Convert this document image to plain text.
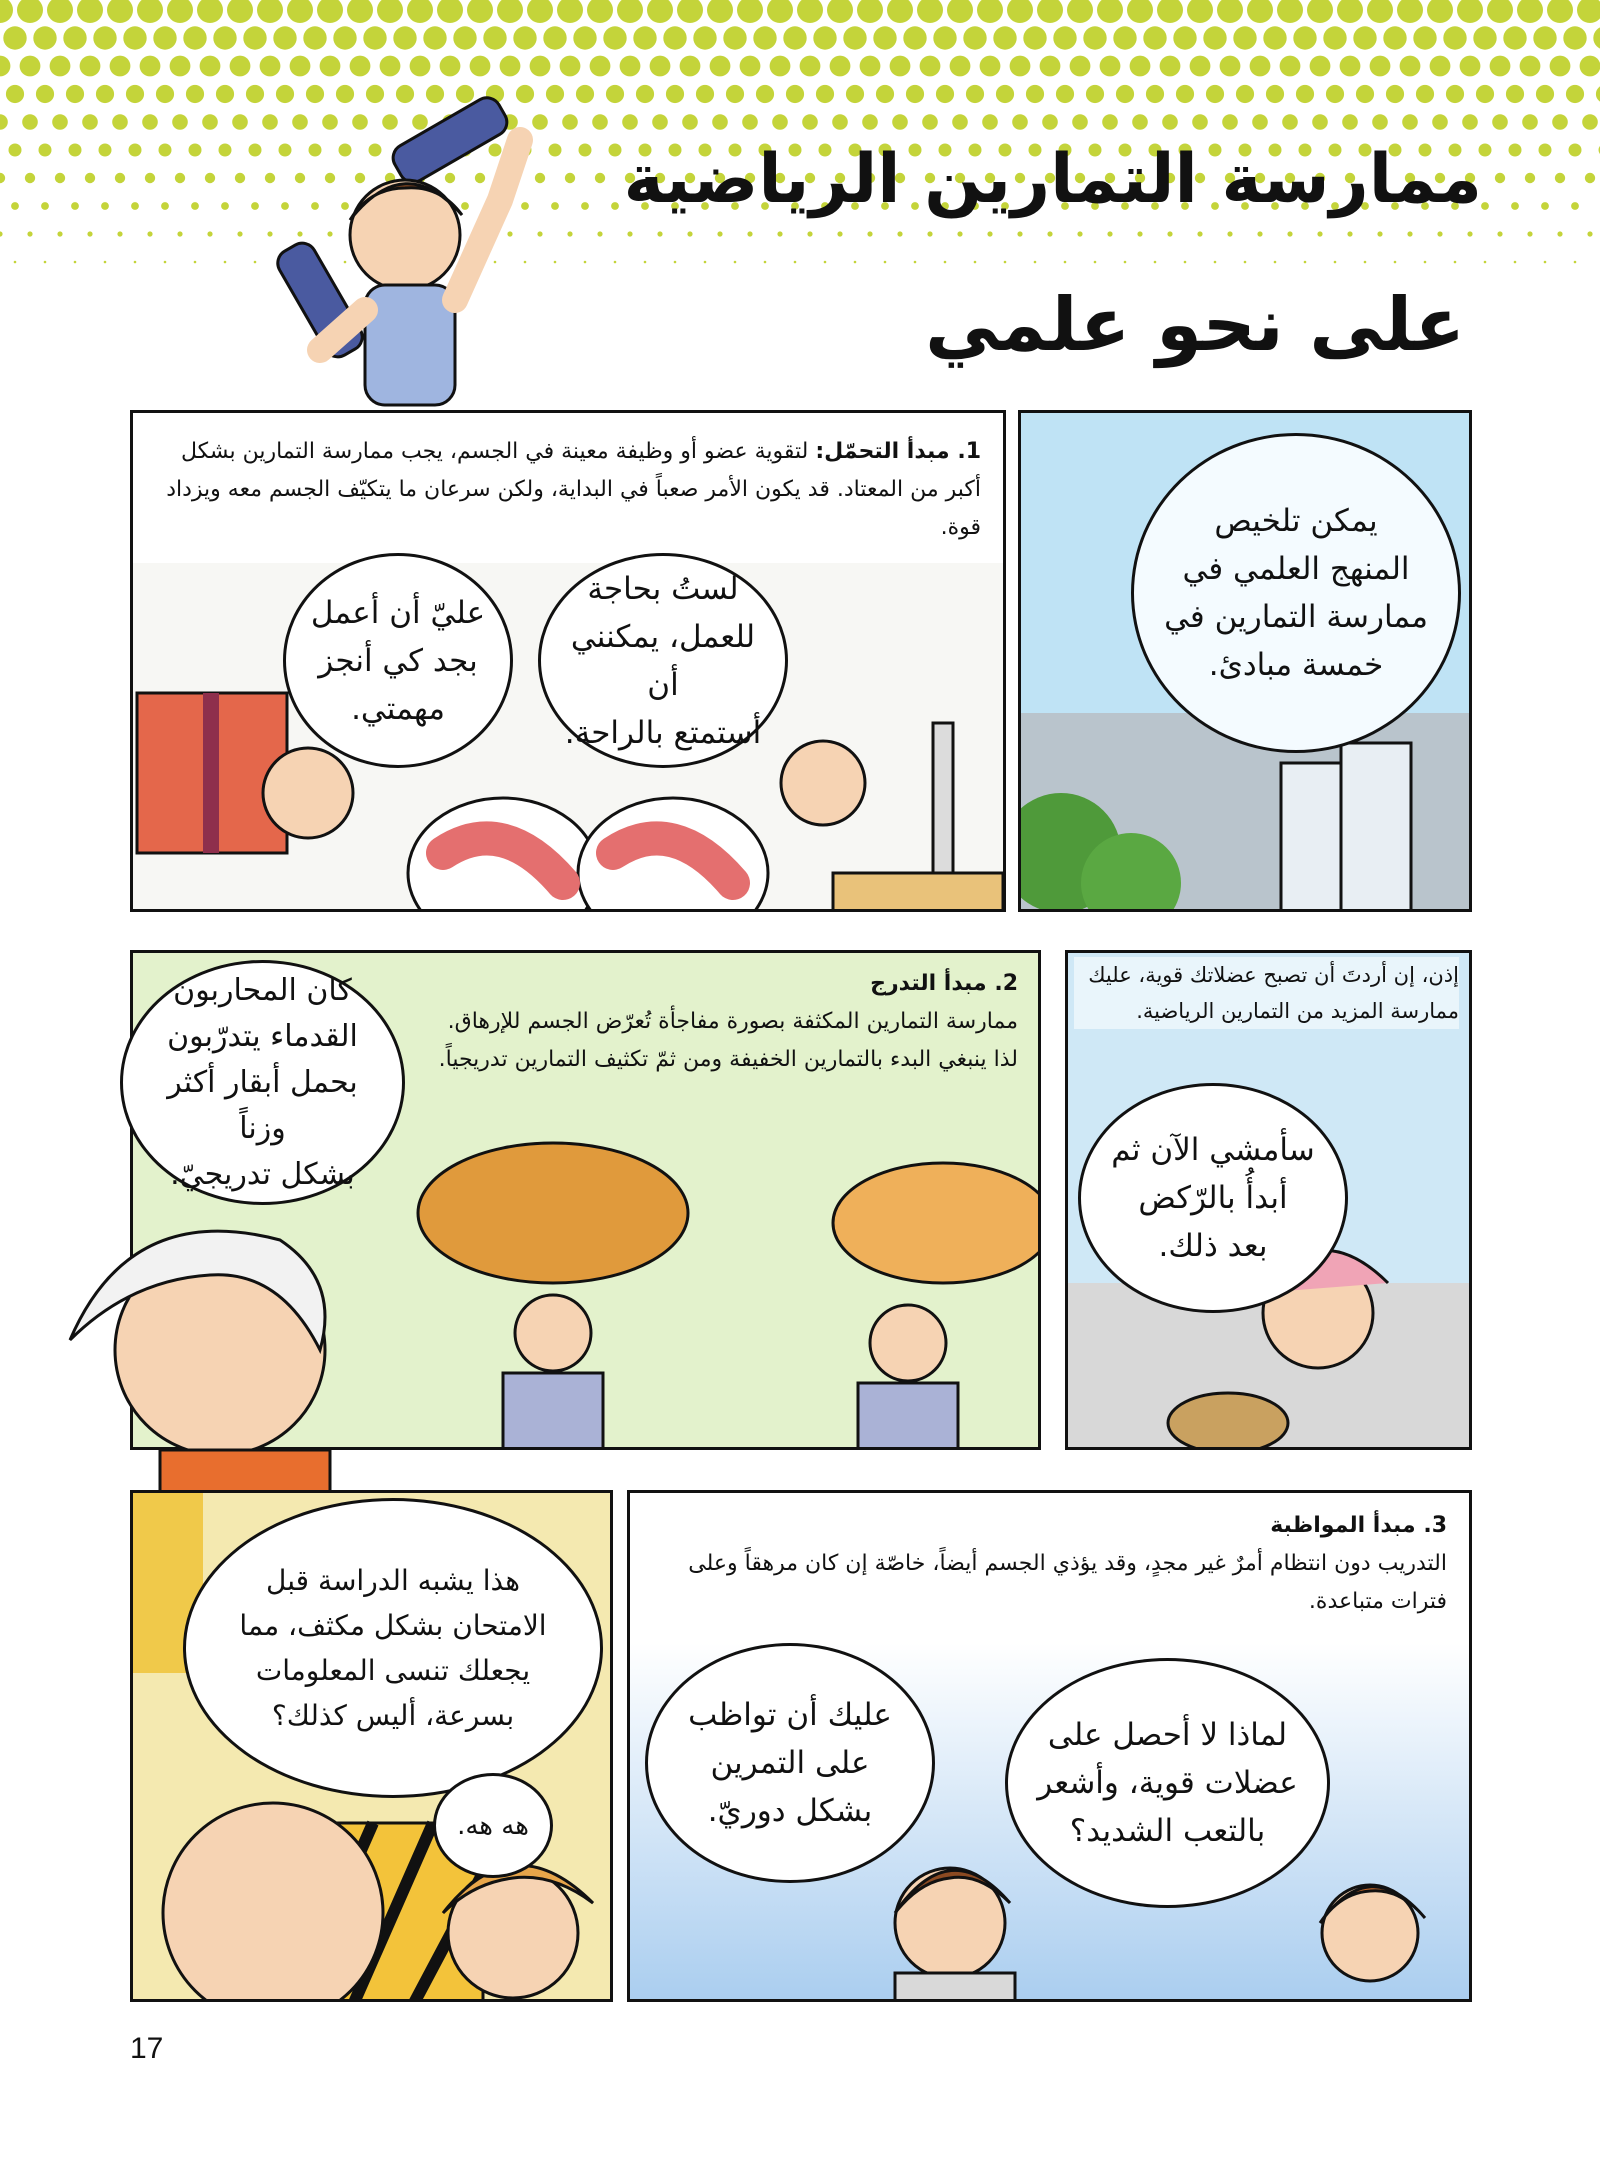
ممارسة التمارين الرياضية
على نحو علمي
1. مبدأ التحمّل: لتقوية عضو أو وظيفة معينة في الجسم، يجب ممارسة التمارين بشكل أكبر من المعتاد. قد يكون الأمر صعباً في البداية، ولكن سرعان ما يتكيّف الجسم معه ويزداد قوة.
عليّ أن أعمل
بجد كي أنجز
مهمتي.
لستُ بحاجة
للعمل، يمكنني أن
أستمتع بالراحة.
يمكن تلخيص
المنهج العلمي في
ممارسة التمارين في
خمسة مبادئ.
2. مبدأ التدرج
ممارسة التمارين المكثفة بصورة مفاجأة تُعرّض الجسم للإرهاق. لذا ينبغي البدء بالتمارين الخفيفة ومن ثمّ تكثيف التمارين تدريجياً.
كان المحاربون
القدماء يتدرّبون
بحمل أبقار أكثر وزناً
بشكل تدريجيّ.
إذن، إن أردتَ أن تصبح عضلاتك قوية، عليك ممارسة المزيد من التمارين الرياضية.
سأمشي الآن ثم
أبدأُ بالرّكض
بعد ذلك.
هذا يشبه الدراسة قبل
الامتحان بشكل مكثف، مما
يجعلك تنسى المعلومات
بسرعة، أليس كذلك؟
هه هه.
3. مبدأ المواظبة
التدريب دون انتظام أمرٌ غير مجدٍ، وقد يؤذي الجسم أيضاً، خاصّة إن كان مرهقاً وعلى فترات متباعدة.
عليك أن تواظب
على التمرين
بشكل دوريّ.
لماذا لا أحصل على
عضلات قوية، وأشعر
بالتعب الشديد؟
17
